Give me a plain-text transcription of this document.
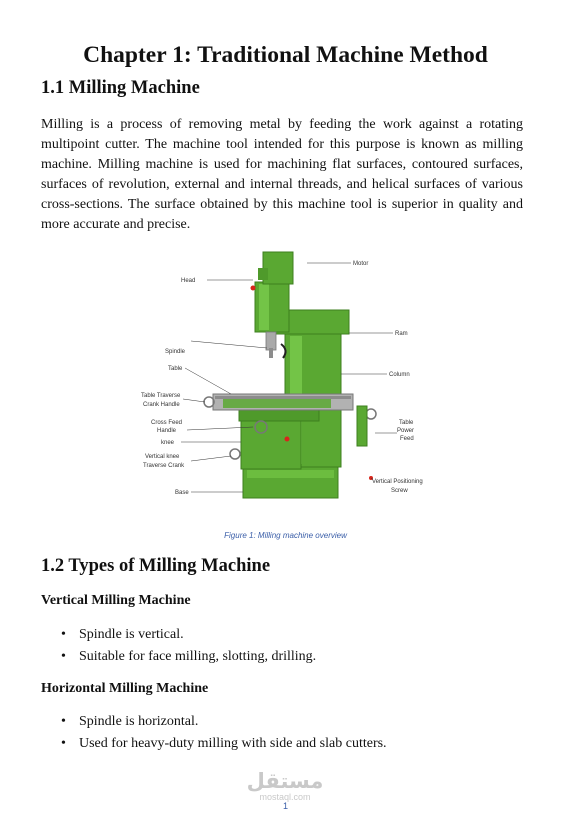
Chapter 1: Traditional Machine Method
1.1 Milling Machine

Milling is a process of removing metal by feeding the work against a rotating multipoint cutter. The machine tool intended for this purpose is known as milling machine. Milling machine is used for machining flat surfaces, contoured surfaces, surfaces of revolution, external and internal threads, and helical surfaces of various cross-sections. The surface obtained by this machine tool is superior in quality and more accurate and precise.

Motor
Head
Ram
Spindle
Table
Column
Table Traverse
Crank Handle
Cross Feed
Handle
knee
Vertical knee
Traverse Crank
Base
Table
Power
Feed
Vertical Positioning
Screw
Figure 1: Milling machine overview
1.2 Types of Milling Machine
Vertical Milling Machine
• Spindle is vertical.
• Suitable for face milling, slotting, drilling.
Horizontal Milling Machine
• Spindle is horizontal.
• Used for heavy-duty milling with side and slab cutters.
مستقل
mostaql.com
1
